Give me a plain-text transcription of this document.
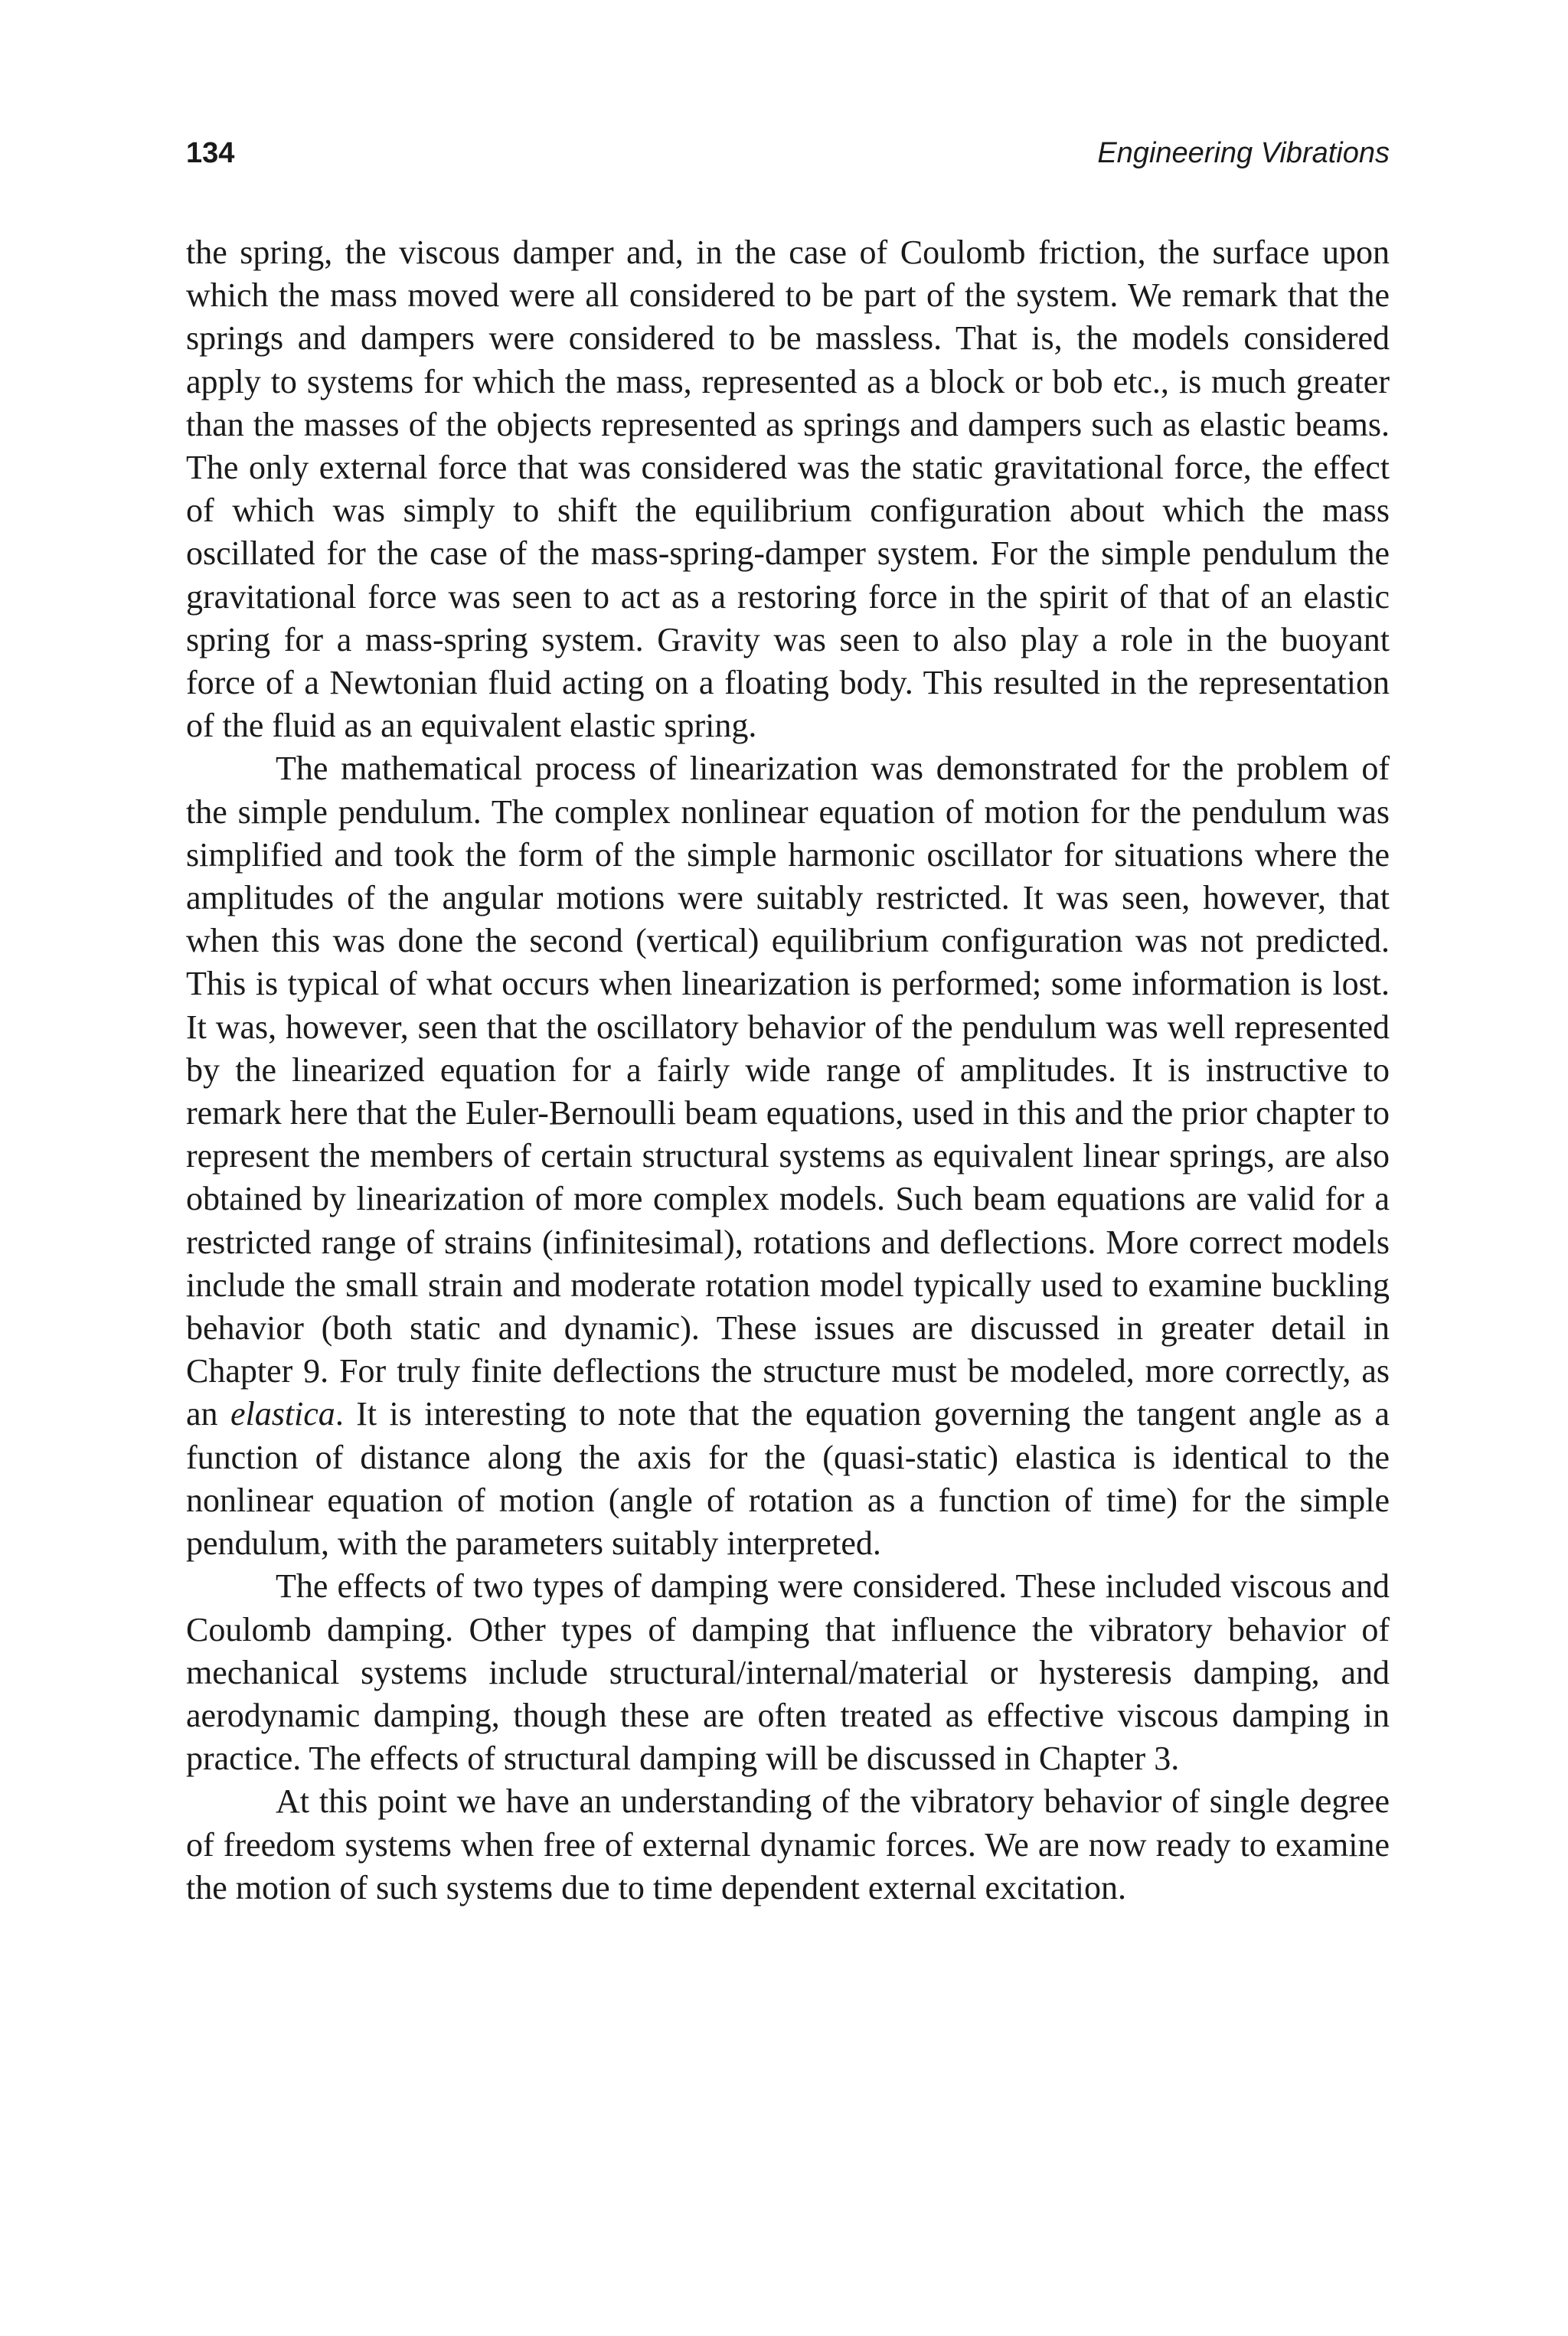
134	Engineering Vibrations

the spring, the viscous damper and, in the case of Coulomb friction, the surface upon which the mass moved were all considered to be part of the system. We remark that the springs and dampers were considered to be massless. That is, the models considered apply to systems for which the mass, represented as a block or bob etc., is much greater than the masses of the objects represented as springs and dampers such as elastic beams. The only external force that was considered was the static gravitational force, the effect of which was simply to shift the equilibrium configuration about which the mass oscillated for the case of the mass-spring-damper system. For the simple pendulum the gravitational force was seen to act as a restoring force in the spirit of that of an elastic spring for a mass-spring system. Gravity was seen to also play a role in the buoyant force of a Newtonian fluid acting on a floating body. This resulted in the representation of the fluid as an equivalent elastic spring.

The mathematical process of linearization was demonstrated for the problem of the simple pendulum. The complex nonlinear equation of motion for the pendulum was simplified and took the form of the simple harmonic oscillator for situations where the amplitudes of the angular motions were suitably restricted. It was seen, however, that when this was done the second (vertical) equilibrium configuration was not predicted. This is typical of what occurs when linearization is performed; some information is lost. It was, however, seen that the oscillatory behavior of the pendulum was well represented by the linearized equation for a fairly wide range of amplitudes. It is instructive to remark here that the Euler-Bernoulli beam equations, used in this and the prior chapter to represent the members of certain structural systems as equivalent linear springs, are also obtained by linearization of more complex models. Such beam equations are valid for a restricted range of strains (infinitesimal), rotations and deflections. More correct models include the small strain and moderate rotation model typically used to examine buckling behavior (both static and dynamic). These issues are discussed in greater detail in Chapter 9. For truly finite deflections the structure must be modeled, more correctly, as an elastica. It is interesting to note that the equation governing the tangent angle as a function of distance along the axis for the (quasi-static) elastica is identical to the nonlinear equation of motion (angle of rotation as a function of time) for the simple pendulum, with the parameters suitably interpreted.

The effects of two types of damping were considered. These included viscous and Coulomb damping. Other types of damping that influence the vibratory behavior of mechanical systems include structural/internal/material or hysteresis damping, and aerodynamic damping, though these are often treated as effective viscous damping in practice. The effects of structural damping will be discussed in Chapter 3.

At this point we have an understanding of the vibratory behavior of single degree of freedom systems when free of external dynamic forces. We are now ready to examine the motion of such systems due to time dependent external excitation.
